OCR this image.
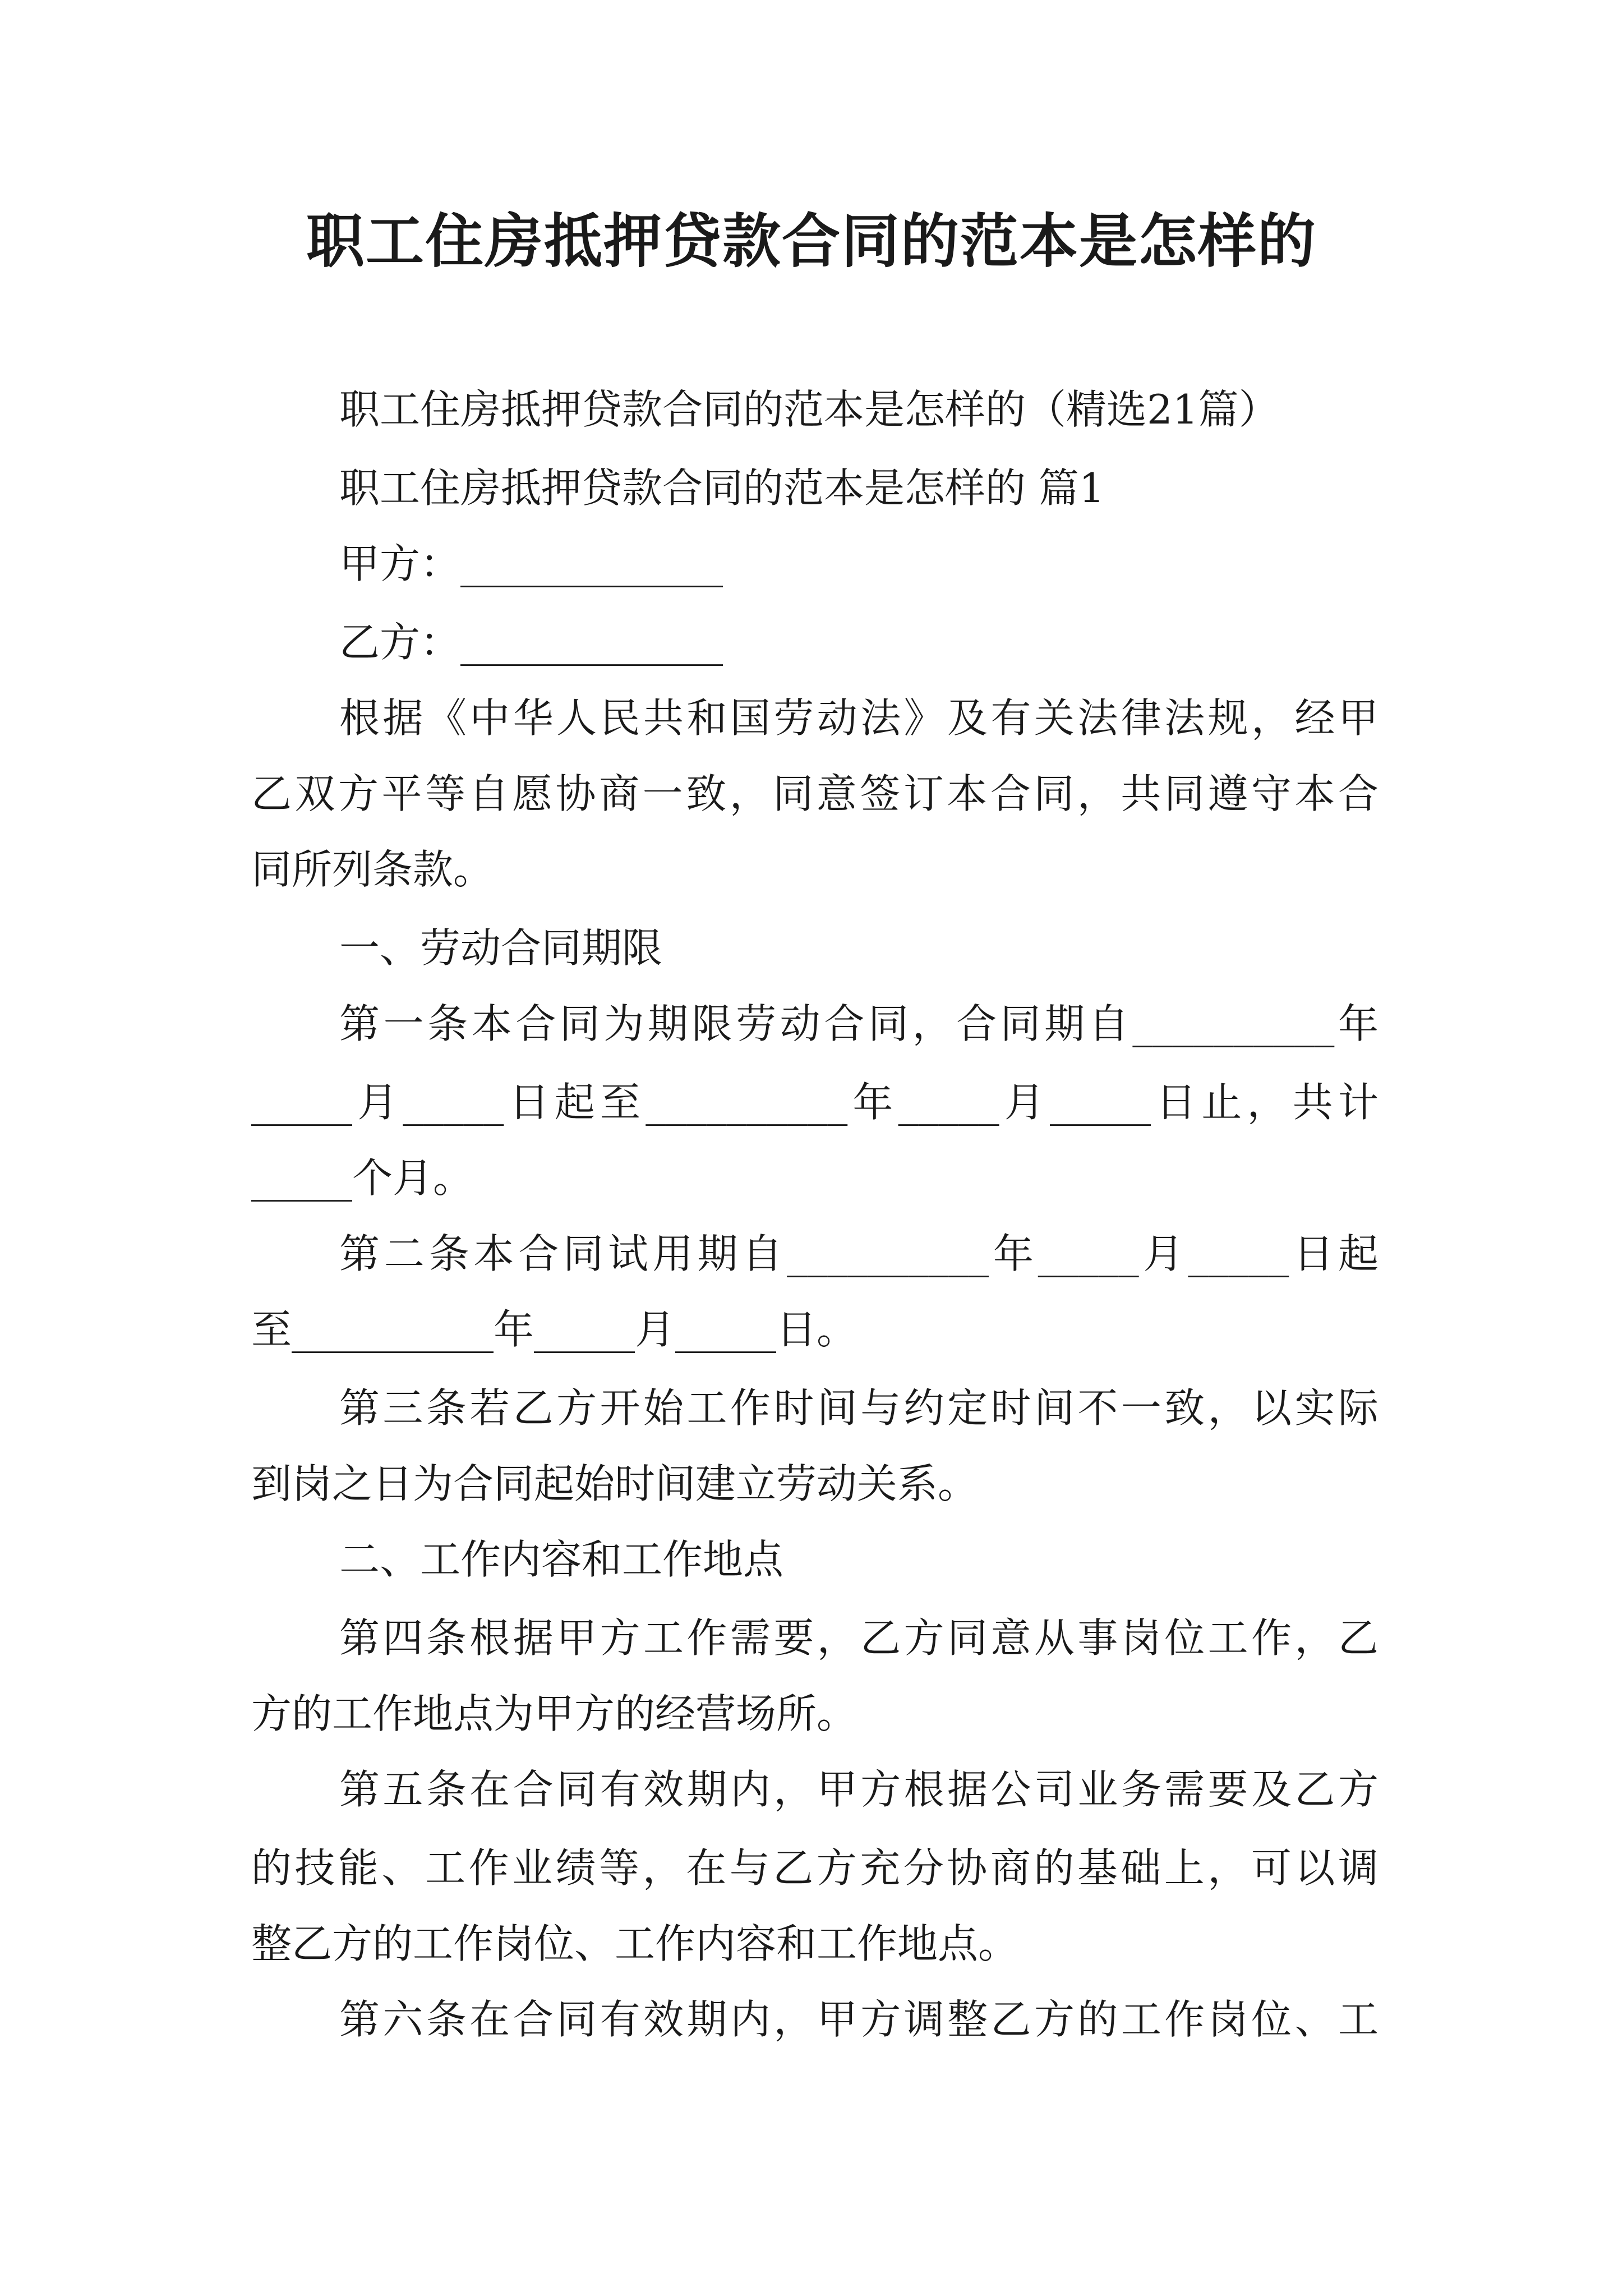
职工住房抵押贷款合同的范本是怎样的
职工住房抵押贷款合同的范本是怎样的（精选21篇）
职工住房抵押贷款合同的范本是怎样的 篇1
甲方：_____________
乙方：_____________
根据《中华人民共和国劳动法》及有关法律法规，经甲
乙双方平等自愿协商一致，同意签订本合同，共同遵守本合
同所列条款。
一、劳动合同期限
第一条本合同为期限劳动合同，合同期自__________年
_____月_____日起至__________年_____月_____日止，共计
_____个月。
第二条本合同试用期自__________年_____月_____日起
至__________年_____月_____日。
第三条若乙方开始工作时间与约定时间不一致，以实际
到岗之日为合同起始时间建立劳动关系。
二、工作内容和工作地点
第四条根据甲方工作需要，乙方同意从事岗位工作，乙
方的工作地点为甲方的经营场所。
第五条在合同有效期内，甲方根据公司业务需要及乙方
的技能、工作业绩等，在与乙方充分协商的基础上，可以调
整乙方的工作岗位、工作内容和工作地点。
第六条在合同有效期内，甲方调整乙方的工作岗位、工
